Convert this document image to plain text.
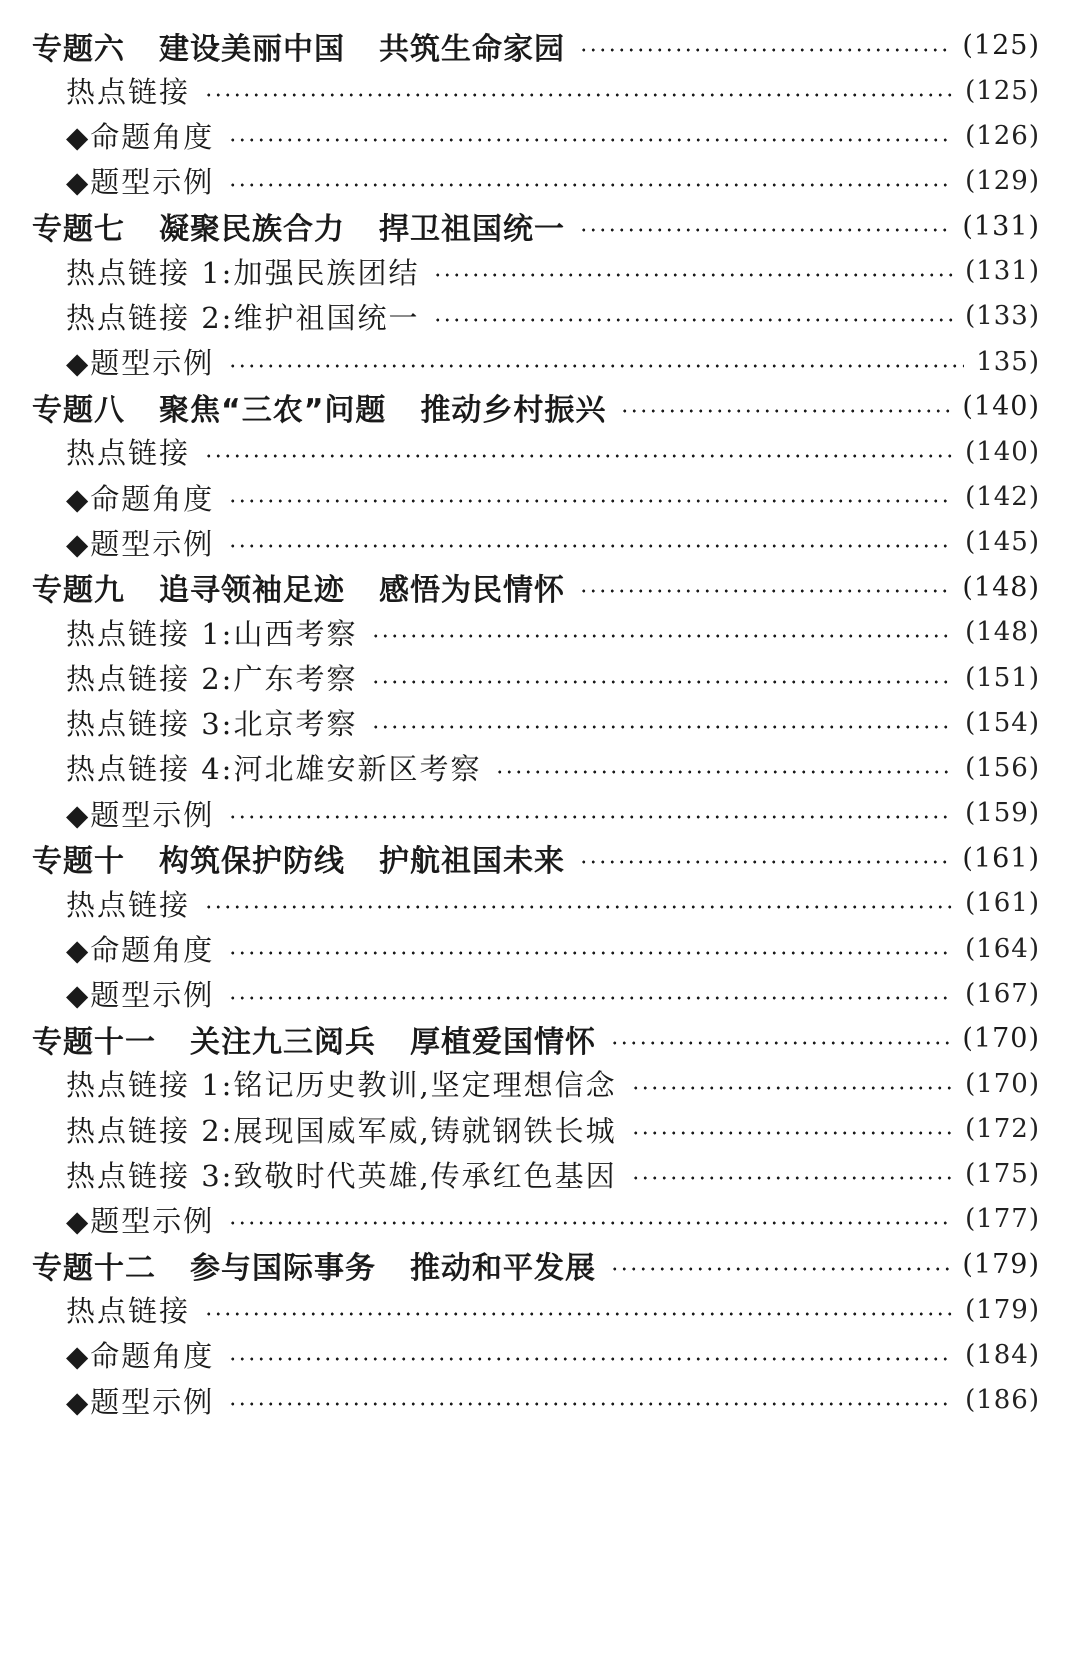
专题六 建设美丽中国 共筑生命家园	(125)
热点链接	(125)
◆命题角度	(126)
◆题型示例	(129)
专题七 凝聚民族合力 捍卫祖国统一	(131)
热点链接 1:加强民族团结	(131)
热点链接 2:维护祖国统一	(133)
◆题型示例	135)
专题八 聚焦“三农”问题 推动乡村振兴	(140)
热点链接	(140)
◆命题角度	(142)
◆题型示例	(145)
专题九 追寻领袖足迹 感悟为民情怀	(148)
热点链接 1:山西考察	(148)
热点链接 2:广东考察	(151)
热点链接 3:北京考察	(154)
热点链接 4:河北雄安新区考察	(156)
◆题型示例	(159)
专题十 构筑保护防线 护航祖国未来	(161)
热点链接	(161)
◆命题角度	(164)
◆题型示例	(167)
专题十一 关注九三阅兵 厚植爱国情怀	(170)
热点链接 1:铭记历史教训,坚定理想信念	(170)
热点链接 2:展现国威军威,铸就钢铁长城	(172)
热点链接 3:致敬时代英雄,传承红色基因	(175)
◆题型示例	(177)
专题十二 参与国际事务 推动和平发展	(179)
热点链接	(179)
◆命题角度	(184)
◆题型示例	(186)
